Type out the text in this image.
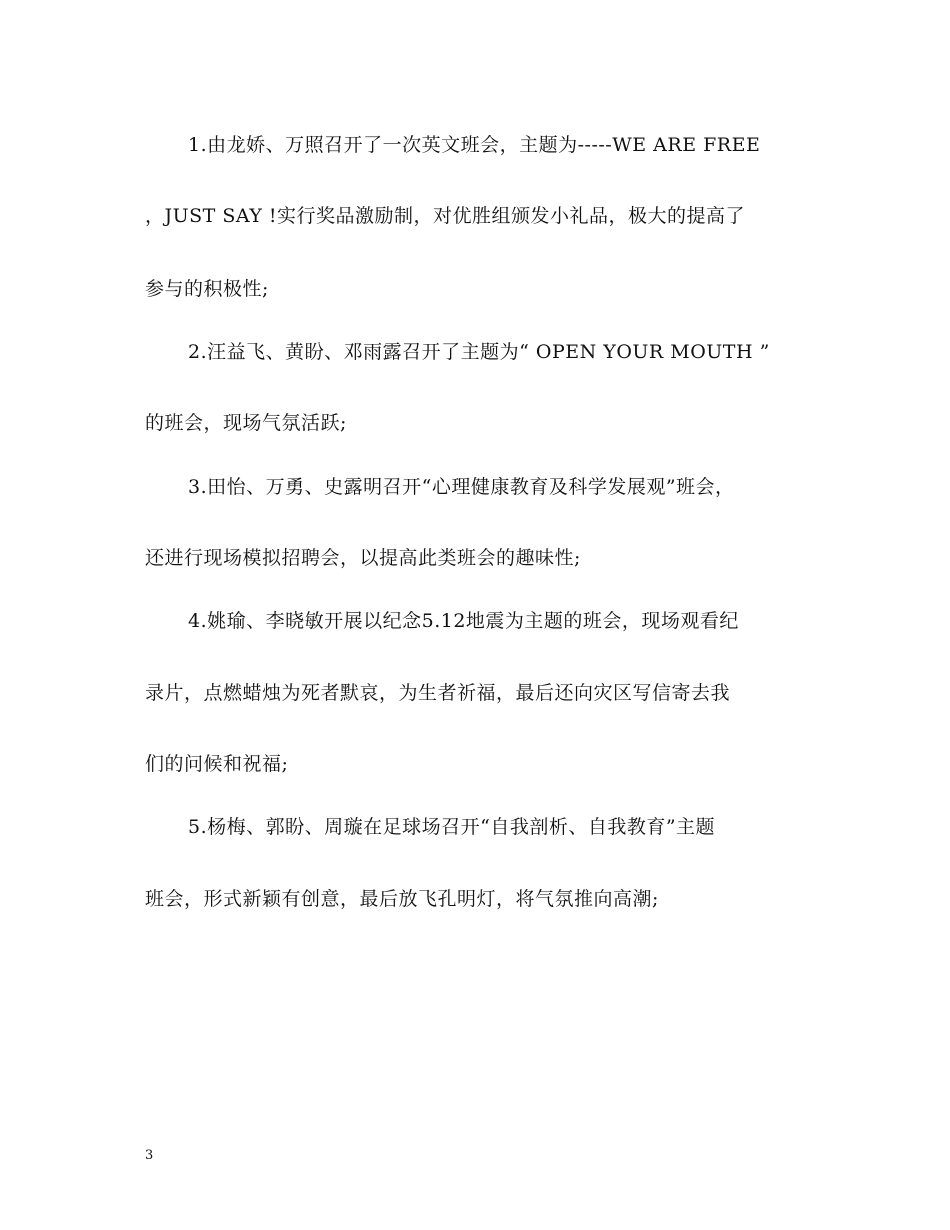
1.由龙娇、万照召开了一次英文班会，主题为-----WE ARE FREE
，JUST SAY !实行奖品激励制，对优胜组颁发小礼品，极大的提高了
参与的积极性;
2.汪益飞、黄盼、邓雨露召开了主题为“ OPEN YOUR MOUTH ”
的班会，现场气氛活跃;
3.田怡、万勇、史露明召开“心理健康教育及科学发展观”班会，
还进行现场模拟招聘会，以提高此类班会的趣味性;
4.姚瑜、李晓敏开展以纪念5.12地震为主题的班会，现场观看纪
录片，点燃蜡烛为死者默哀，为生者祈福，最后还向灾区写信寄去我
们的问候和祝福;
5.杨梅、郭盼、周璇在足球场召开“自我剖析、自我教育”主题
班会，形式新颖有创意，最后放飞孔明灯，将气氛推向高潮;
3
